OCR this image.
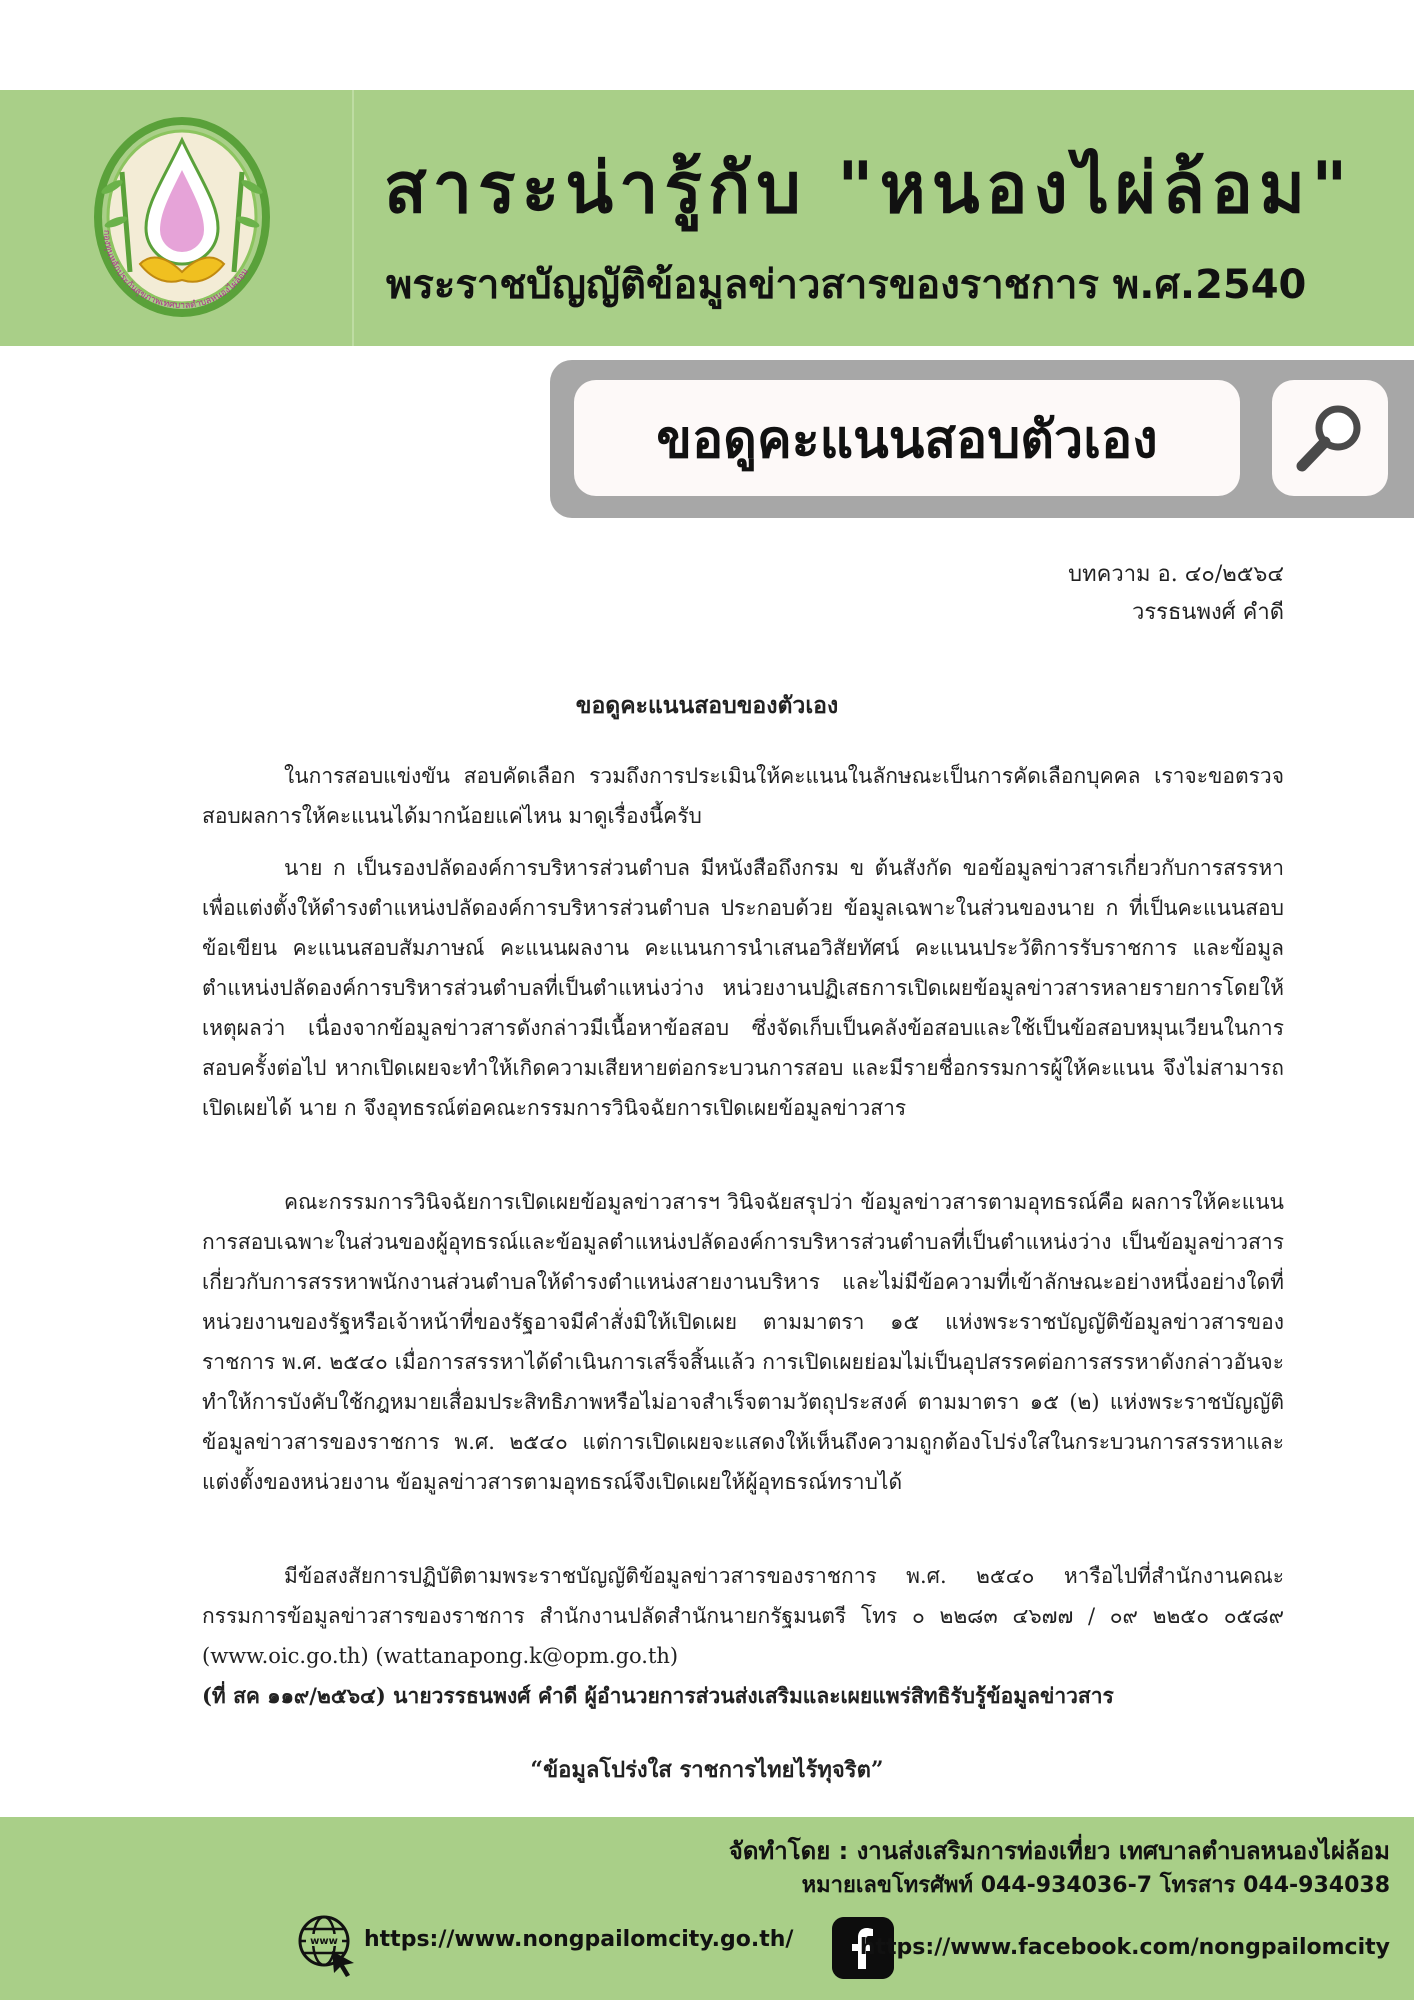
กองทุนหลักประกันสุขภาพเทศบาลตำบลหนองไผ่ล้อม
สาระน่ารู้กับ "หนองไผ่ล้อม"
พระราชบัญญัติข้อมูลข่าวสารของราชการ พ.ศ.2540
ขอดูคะแนนสอบตัวเอง
บทความ อ. ๔๐/๒๕๖๔
วรรธนพงศ์ คำดี
ขอดูคะแนนสอบของตัวเอง

ในการสอบแข่งขัน สอบคัดเลือก รวมถึงการประเมินให้คะแนนในลักษณะเป็นการคัดเลือกบุคคล เราจะขอตรวจสอบผลการให้คะแนนได้มากน้อยแค่ไหน มาดูเรื่องนี้ครับ

นาย ก เป็นรองปลัดองค์การบริหารส่วนตำบล มีหนังสือถึงกรม ข ต้นสังกัด ขอข้อมูลข่าวสารเกี่ยวกับการสรรหาเพื่อแต่งตั้งให้ดำรงตำแหน่งปลัดองค์การบริหารส่วนตำบล ประกอบด้วย ข้อมูลเฉพาะในส่วนของนาย ก ที่เป็นคะแนนสอบข้อเขียน คะแนนสอบสัมภาษณ์ คะแนนผลงาน คะแนนการนำเสนอวิสัยทัศน์ คะแนนประวัติการรับราชการ และข้อมูลตำแหน่งปลัดองค์การบริหารส่วนตำบลที่เป็นตำแหน่งว่าง หน่วยงานปฏิเสธการเปิดเผยข้อมูลข่าวสารหลายรายการโดยให้เหตุผลว่า เนื่องจากข้อมูลข่าวสารดังกล่าวมีเนื้อหาข้อสอบ ซึ่งจัดเก็บเป็นคลังข้อสอบและใช้เป็นข้อสอบหมุนเวียนในการสอบครั้งต่อไป หากเปิดเผยจะทำให้เกิดความเสียหายต่อกระบวนการสอบ และมีรายชื่อกรรมการผู้ให้คะแนน จึงไม่สามารถเปิดเผยได้ นาย ก จึงอุทธรณ์ต่อคณะกรรมการวินิจฉัยการเปิดเผยข้อมูลข่าวสาร

คณะกรรมการวินิจฉัยการเปิดเผยข้อมูลข่าวสารฯ วินิจฉัยสรุปว่า ข้อมูลข่าวสารตามอุทธรณ์คือ ผลการให้คะแนนการสอบเฉพาะในส่วนของผู้อุทธรณ์และข้อมูลตำแหน่งปลัดองค์การบริหารส่วนตำบลที่เป็นตำแหน่งว่าง เป็นข้อมูลข่าวสารเกี่ยวกับการสรรหาพนักงานส่วนตำบลให้ดำรงตำแหน่งสายงานบริหาร และไม่มีข้อความที่เข้าลักษณะอย่างหนึ่งอย่างใดที่หน่วยงานของรัฐหรือเจ้าหน้าที่ของรัฐอาจมีคำสั่งมิให้เปิดเผย ตามมาตรา ๑๕ แห่งพระราชบัญญัติข้อมูลข่าวสารของราชการ พ.ศ. ๒๕๔๐ เมื่อการสรรหาได้ดำเนินการเสร็จสิ้นแล้ว การเปิดเผยย่อมไม่เป็นอุปสรรคต่อการสรรหาดังกล่าวอันจะทำให้การบังคับใช้กฎหมายเสื่อมประสิทธิภาพหรือไม่อาจสำเร็จตามวัตถุประสงค์ ตามมาตรา ๑๕ (๒) แห่งพระราชบัญญัติข้อมูลข่าวสารของราชการ พ.ศ. ๒๕๔๐ แต่การเปิดเผยจะแสดงให้เห็นถึงความถูกต้องโปร่งใสในกระบวนการสรรหาและแต่งตั้งของหน่วยงาน ข้อมูลข่าวสารตามอุทธรณ์จึงเปิดเผยให้ผู้อุทธรณ์ทราบได้

มีข้อสงสัยการปฏิบัติตามพระราชบัญญัติข้อมูลข่าวสารของราชการ พ.ศ. ๒๕๔๐ หารือไปที่สำนักงานคณะกรรมการข้อมูลข่าวสารของราชการ สำนักงานปลัดสำนักนายกรัฐมนตรี โทร ๐ ๒๒๘๓ ๔๖๗๗ / ๐๙ ๒๒๕๐ ๐๕๘๙ (www.oic.go.th) (wattanapong.k@opm.go.th)

(ที่ สค ๑๑๙/๒๕๖๔) นายวรรธนพงศ์ คำดี ผู้อำนวยการส่วนส่งเสริมและเผยแพร่สิทธิรับรู้ข้อมูลข่าวสาร

“ข้อมูลโปร่งใส ราชการไทยไร้ทุจริต”
จัดทำโดย : งานส่งเสริมการท่องเที่ยว เทศบาลตำบลหนองไผ่ล้อม
หมายเลขโทรศัพท์ 044-934036-7 โทรสาร 044-934038
www https://www.nongpailomcity.go.th/	https://www.facebook.com/nongpailomcity
